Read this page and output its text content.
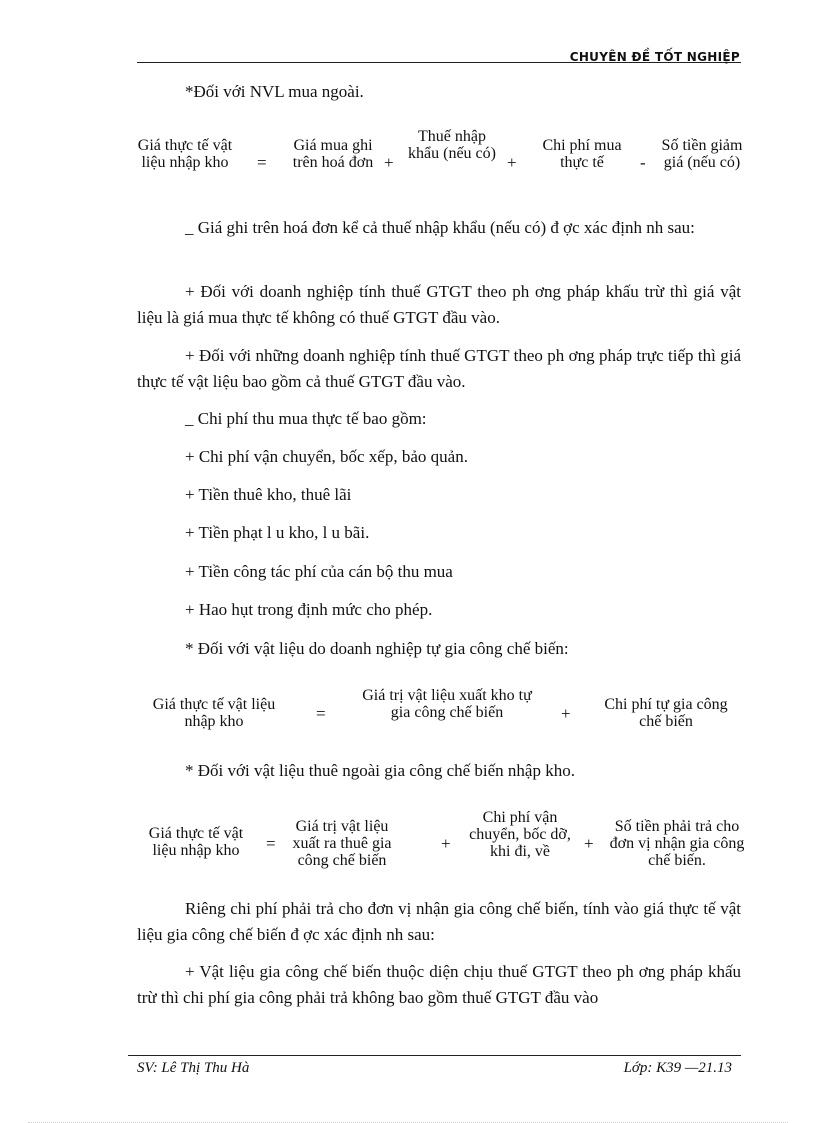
CHUYÊN ĐỀ TỐT NGHIỆP

*Đối với NVL mua ngoài.

Giá thực tế vật liệu nhập kho =
Giá mua ghi trên hoá đơn +
Thuế nhập khẩu (nếu có) +
Chi phí mua thực tế	-
Số tiền giảm giá (nếu có)

_ Giá ghi trên hoá đơn kể cả thuế nhập khẩu (nếu có) đ ợc xác định nh sau:

+ Đối với doanh nghiệp tính thuế GTGT theo ph ơng pháp khấu trừ thì giá vật liệu là giá mua thực tế không có thuế GTGT đầu vào.

+ Đối với những doanh nghiệp tính thuế GTGT theo ph ơng pháp trực tiếp thì giá thực tế vật liệu bao gồm cả thuế GTGT đầu vào.

_ Chi phí thu mua thực tế bao gồm:

+ Chi phí vận chuyển, bốc xếp, bảo quản.

+ Tiền thuê kho, thuê lãi

+ Tiền phạt l u kho, l u bãi.

+ Tiền công tác phí của cán bộ thu mua

+ Hao hụt trong định mức cho phép.

* Đối với vật liệu do doanh nghiệp tự gia công chế biến:

Giá thực tế vật liệu nhập kho	=
Giá trị vật liệu xuất kho tự gia công chế biến	+	Chi phí tự gia công chế biến

* Đối với vật liệu thuê ngoài gia công chế biến nhập kho.

Giá thực tế vật liệu nhập kho	=
Giá trị vật liệu xuất ra thuê gia công chế biến
+
Chi phí vận chuyển, bốc dỡ, khi đi, về	+
Số tiền phải trả cho đơn vị nhận gia công chế biến.

Riêng chi phí phải trả cho đơn vị nhận gia công chế biến, tính vào giá thực tế vật liệu gia công chế biến đ ợc xác định nh sau:

+ Vật liệu gia công chế biến thuộc diện chịu thuế GTGT theo ph ơng pháp khấu trừ thì chi phí gia công phải trả không bao gồm thuế GTGT đầu vào

SV: Lê Thị Thu Hà	Lớp: K39 —21.13
